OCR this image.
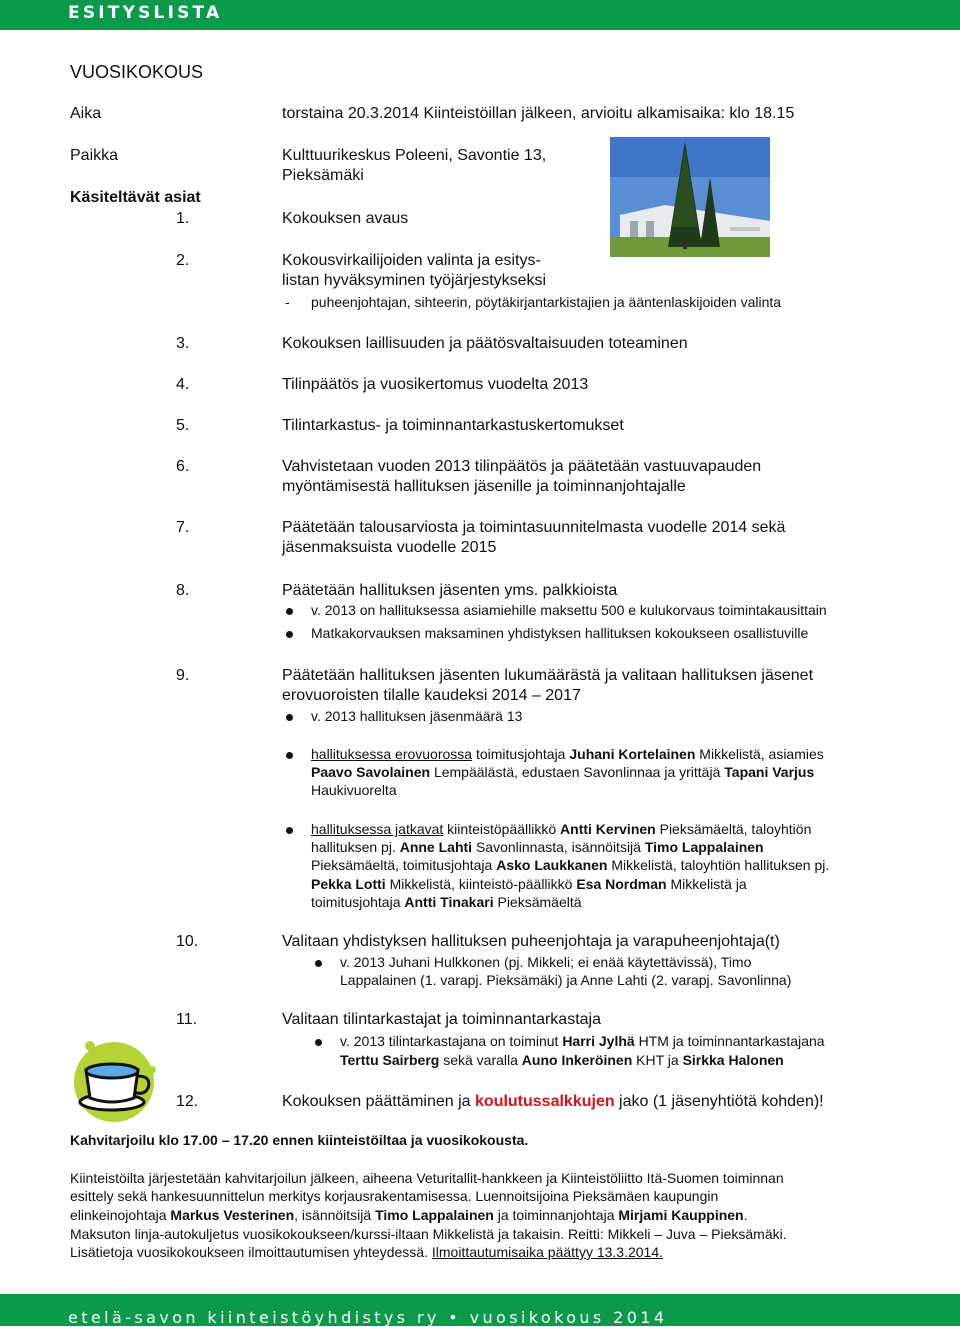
ESITYSLISTA
VUOSIKOKOUS
Aika	torstaina 20.3.2014 Kiinteistöillan jälkeen, arvioitu alkamisaika: klo 18.15
Paikka	Kulttuurikeskus Poleeni, Savontie 13,
Pieksämäki
Käsiteltävät asiat
1.	Kokouksen avaus
2.	Kokousvirkailijoiden valinta ja esitys-
listan hyväksyminen työjärjestykseksi
- puheenjohtajan, sihteerin, pöytäkirjantarkistajien ja ääntenlaskijoiden valinta
3.	Kokouksen laillisuuden ja päätösvaltaisuuden toteaminen
4.	Tilinpäätös ja vuosikertomus vuodelta 2013
5.	Tilintarkastus- ja toiminnantarkastuskertomukset
6.	Vahvistetaan vuoden 2013 tilinpäätös ja päätetään vastuuvapauden
myöntämisestä hallituksen jäsenille ja toiminnanjohtajalle
7.	Päätetään talousarviosta ja toimintasuunnitelmasta vuodelle 2014 sekä
jäsenmaksuista vuodelle 2015
8.	Päätetään hallituksen jäsenten yms. palkkioista
v. 2013 on hallituksessa asiamiehille maksettu 500 e kulukorvaus toimintakausittain
Matkakorvauksen maksaminen yhdistyksen hallituksen kokoukseen osallistuville
9.	Päätetään hallituksen jäsenten lukumäärästä ja valitaan hallituksen jäsenet
erovuoroisten tilalle kaudeksi 2014 – 2017
v. 2013 hallituksen jäsenmäärä 13
hallituksessa erovuorossa toimitusjohtaja Juhani Kortelainen Mikkelistä, asiamies
Paavo Savolainen Lempäälästä, edustaen Savonlinnaa ja yrittäjä Tapani Varjus
Haukivuorelta
hallituksessa jatkavat kiinteistöpäällikkö Antti Kervinen Pieksämäeltä, taloyhtiön
hallituksen pj. Anne Lahti Savonlinnasta, isännöitsijä Timo Lappalainen
Pieksämäeltä, toimitusjohtaja Asko Laukkanen Mikkelistä, taloyhtiön hallituksen pj.
Pekka Lotti Mikkelistä, kiinteistö-päällikkö Esa Nordman Mikkelistä ja
toimitusjohtaja Antti Tinakari Pieksämäeltä
10.	Valitaan yhdistyksen hallituksen puheenjohtaja ja varapuheenjohtaja(t)
v. 2013 Juhani Hulkkonen (pj. Mikkeli; ei enää käytettävissä), Timo
Lappalainen (1. varapj. Pieksämäki) ja Anne Lahti (2. varapj. Savonlinna)
11.	Valitaan tilintarkastajat ja toiminnantarkastaja
v. 2013 tilintarkastajana on toiminut Harri Jylhä HTM ja toiminnantarkastajana
Terttu Sairberg sekä varalla Auno Inkeröinen KHT ja Sirkka Halonen
12.	Kokouksen päättäminen ja koulutussalkkujen jako (1 jäsenyhtiötä kohden)!
Kahvitarjoilu klo 17.00 – 17.20 ennen kiinteistöiltaa ja vuosikokousta.
Kiinteistöilta järjestetään kahvitarjoilun jälkeen, aiheena Veturitallit-hankkeen ja Kiinteistöliitto Itä-Suomen toiminnan
esittely sekä hankesuunnittelun merkitys korjausrakentamisessa. Luennoitsijoina Pieksämäen kaupungin
elinkeinojohtaja Markus Vesterinen, isännöitsijä Timo Lappalainen ja toiminnanjohtaja Mirjami Kauppinen.
Maksuton linja-autokuljetus vuosikokoukseen/kurssi-iltaan Mikkelistä ja takaisin. Reitti: Mikkeli – Juva – Pieksämäki.
Lisätietoja vuosikokoukseen ilmoittautumisen yhteydessä. Ilmoittautumisaika päättyy 13.3.2014.
etelä-savon kiinteistöyhdistys ry • vuosikokous 2014
